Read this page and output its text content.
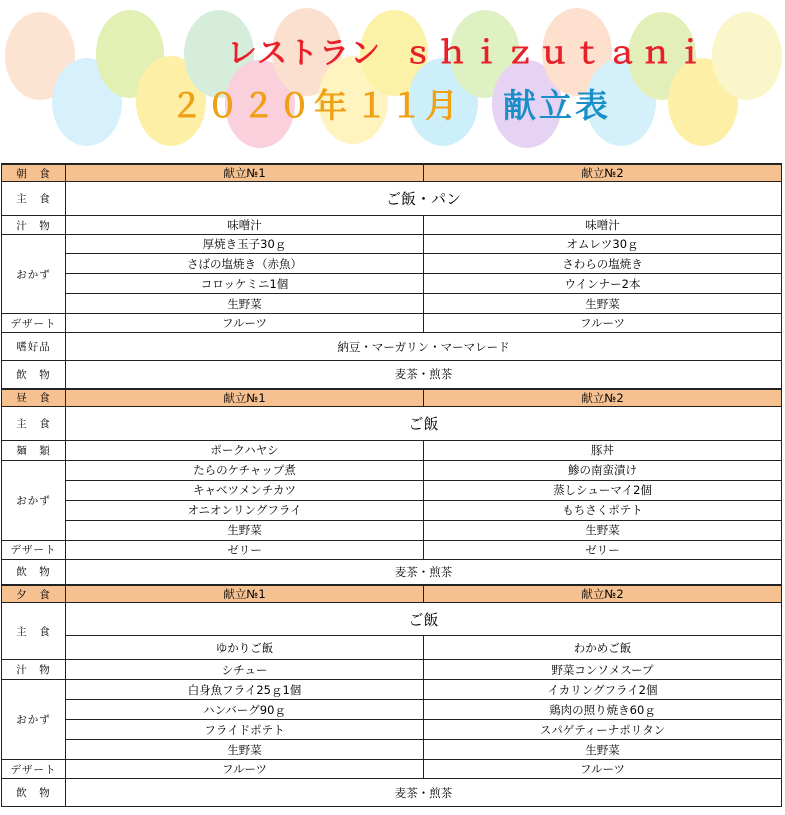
レストラン ｓｈｉｚｕｔａｎｉ
２０２０年 １１月 献立表
朝　食	献立№1	献立№2
主　食	ご飯・パン	
汁　物	味噌汁	味噌汁
おかず	厚焼き玉子30ｇ	オムレツ30ｇ
	さばの塩焼き（赤魚）	さわらの塩焼き
	コロッケミニ1個	ウインナー2本
	生野菜	生野菜
デザート	フルーツ	フルーツ
嗜好品	納豆・マーガリン・マーマレード	
飲　物	麦茶・煎茶	
昼　食	献立№1	献立№2
主　食	ご飯	
麺　類	ポークハヤシ	豚丼
おかず	たらのケチャップ煮	鯵の南蛮漬け
	キャベツメンチカツ	蒸しシューマイ2個
	オニオンリングフライ	もちさくポテト
	生野菜	生野菜
デザート	ゼリー	ゼリー
飲　物	麦茶・煎茶	
夕　食	献立№1	献立№2
主　食	ご飯	
	ゆかりご飯	わかめご飯
汁　物	シチュー	野菜コンソメスープ
おかず	白身魚フライ25ｇ1個	イカリングフライ2個
	ハンバーグ90ｇ	鶏肉の照り焼き60ｇ
	フライドポテト	スパゲティーナポリタン
	生野菜	生野菜
デザート	フルーツ	フルーツ
飲　物	麦茶・煎茶	
